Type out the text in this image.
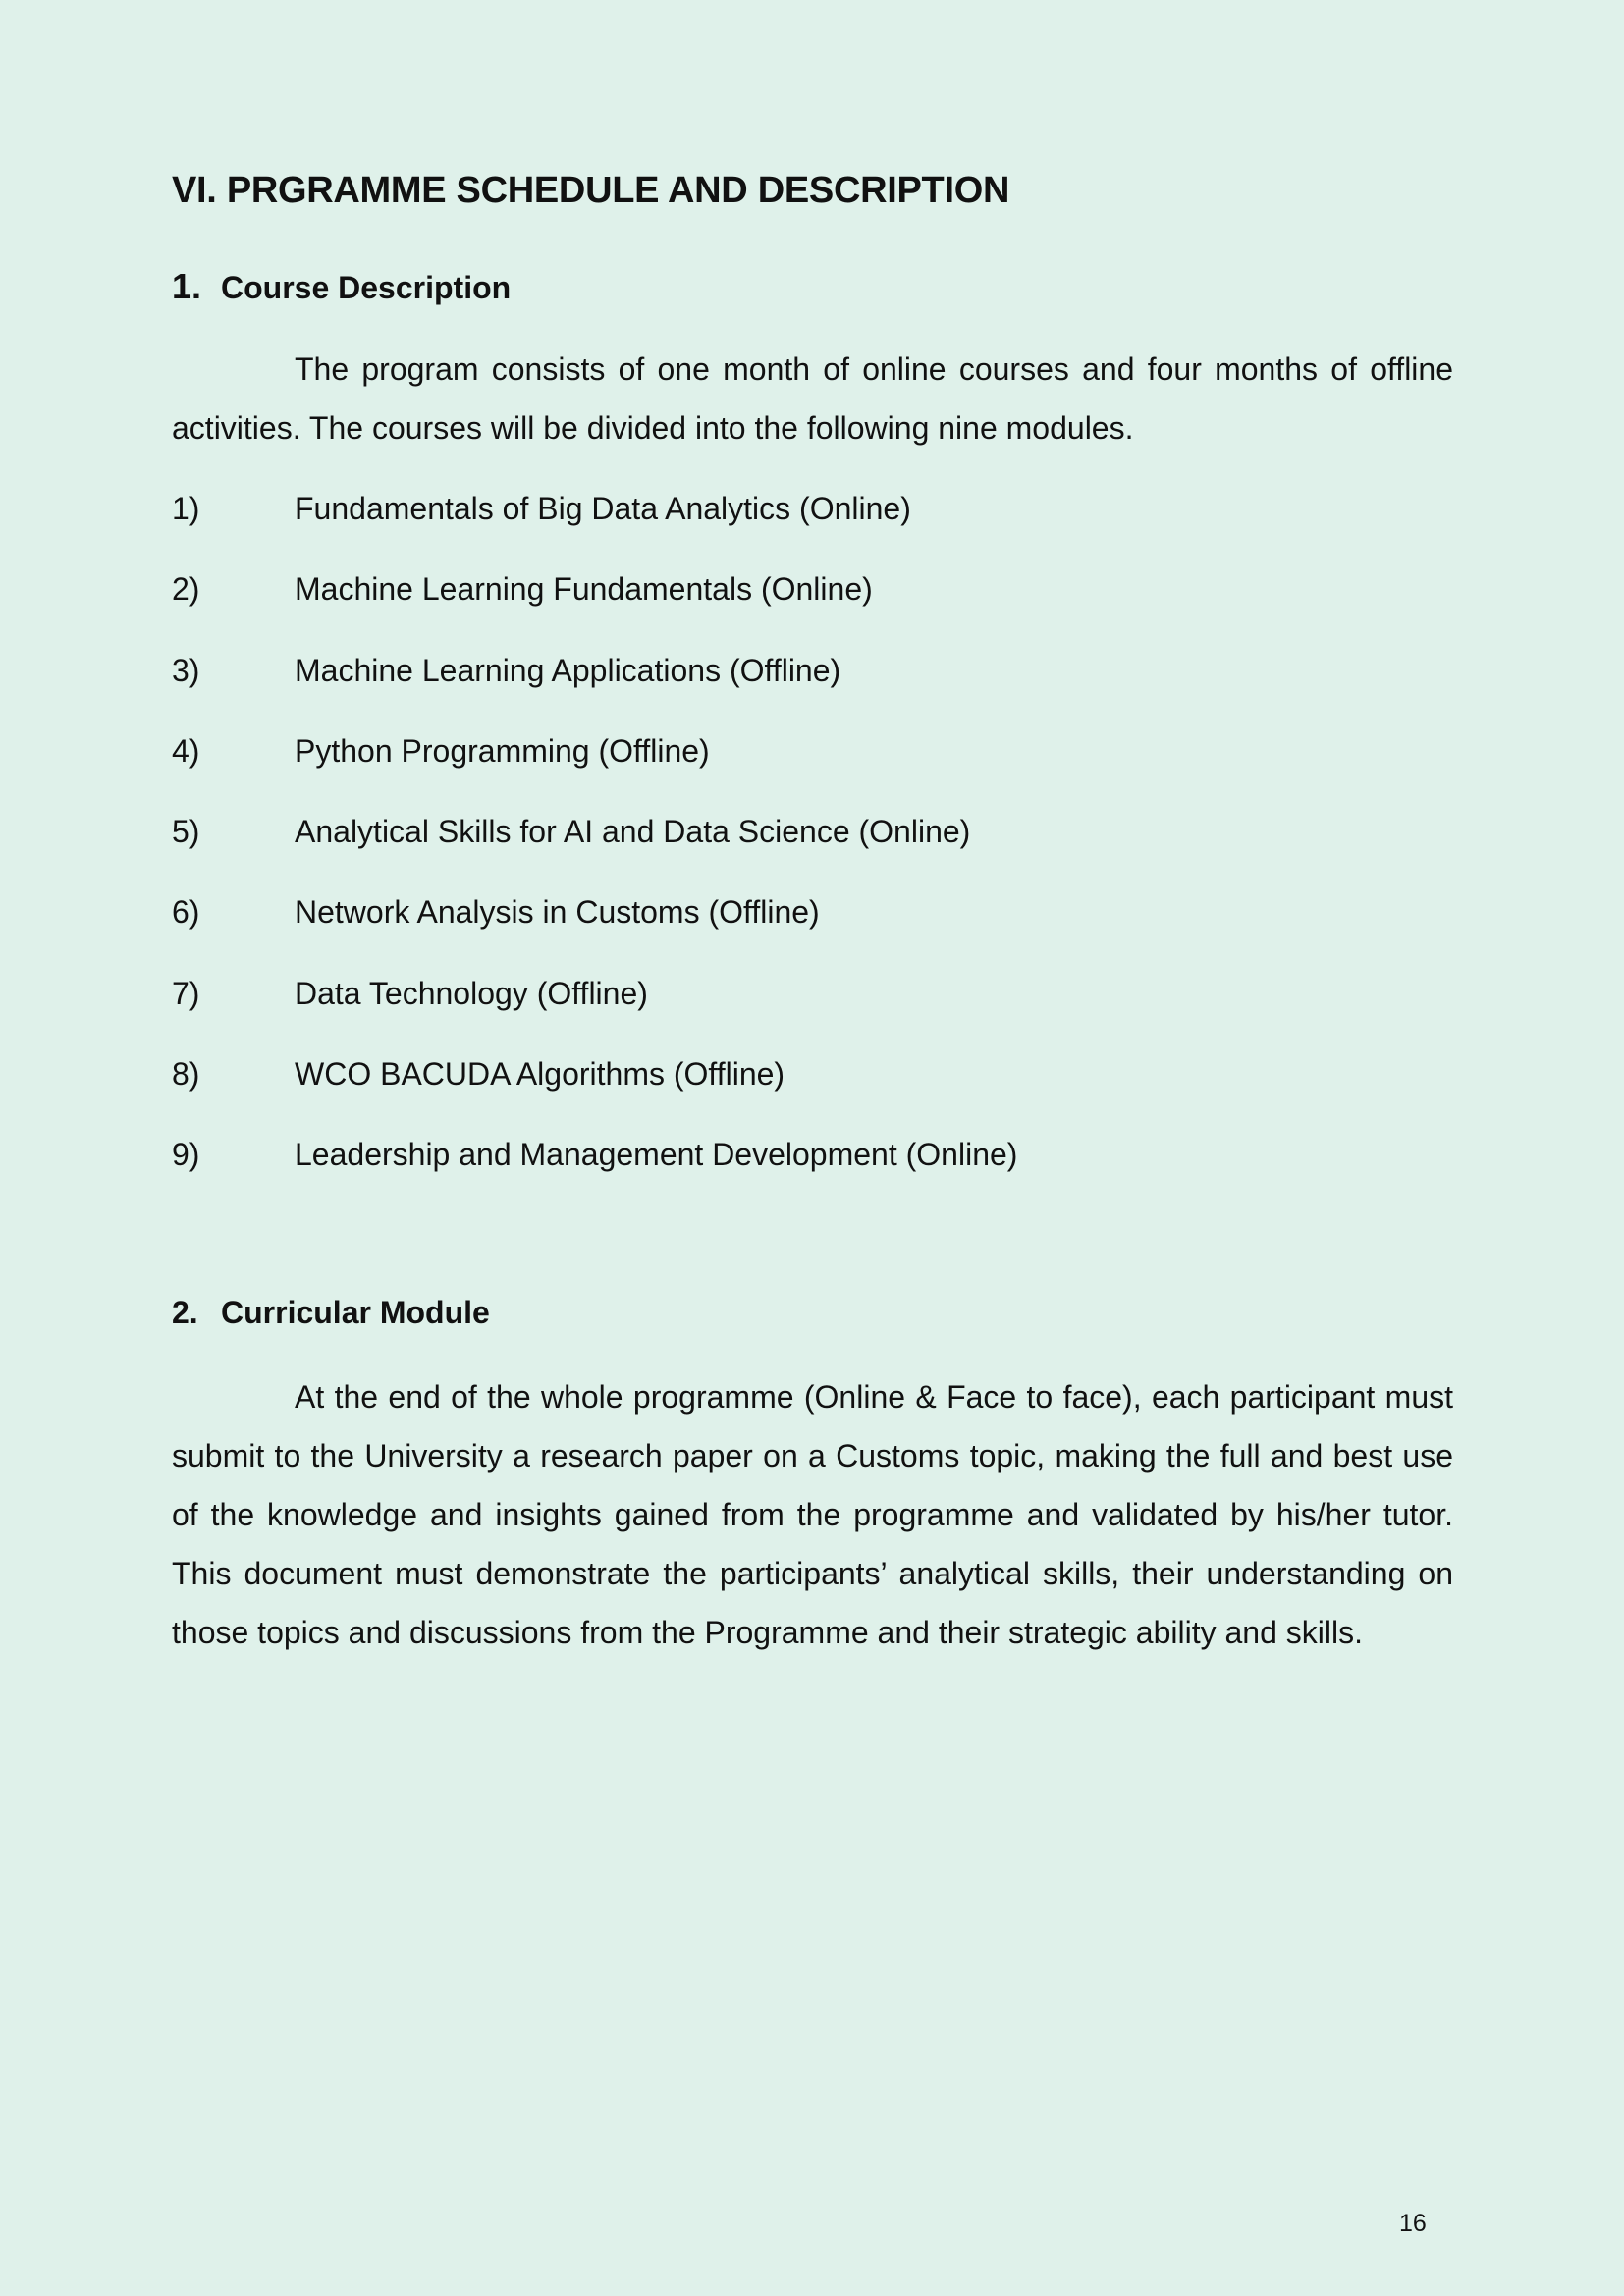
VI. PRGRAMME SCHEDULE AND DESCRIPTION
1. Course Description

The program consists of one month of online courses and four months of offline activities. The courses will be divided into the following nine modules.

1)	Fundamentals of Big Data Analytics (Online)
2)	Machine Learning Fundamentals (Online)
3)	Machine Learning Applications (Offline)
4)	Python Programming (Offline)
5)	Analytical Skills for AI and Data Science (Online)
6)	Network Analysis in Customs (Offline)
7)	Data Technology (Offline)
8)	WCO BACUDA Algorithms (Offline)
9)	Leadership and Management Development (Online)
2. Curricular Module

At the end of the whole programme (Online & Face to face), each participant must submit to the University a research paper on a Customs topic, making the full and best use of the knowledge and insights gained from the programme and validated by his/her tutor. This document must demonstrate the participants’ analytical skills, their understanding on those topics and discussions from the Programme and their strategic ability and skills.

16
